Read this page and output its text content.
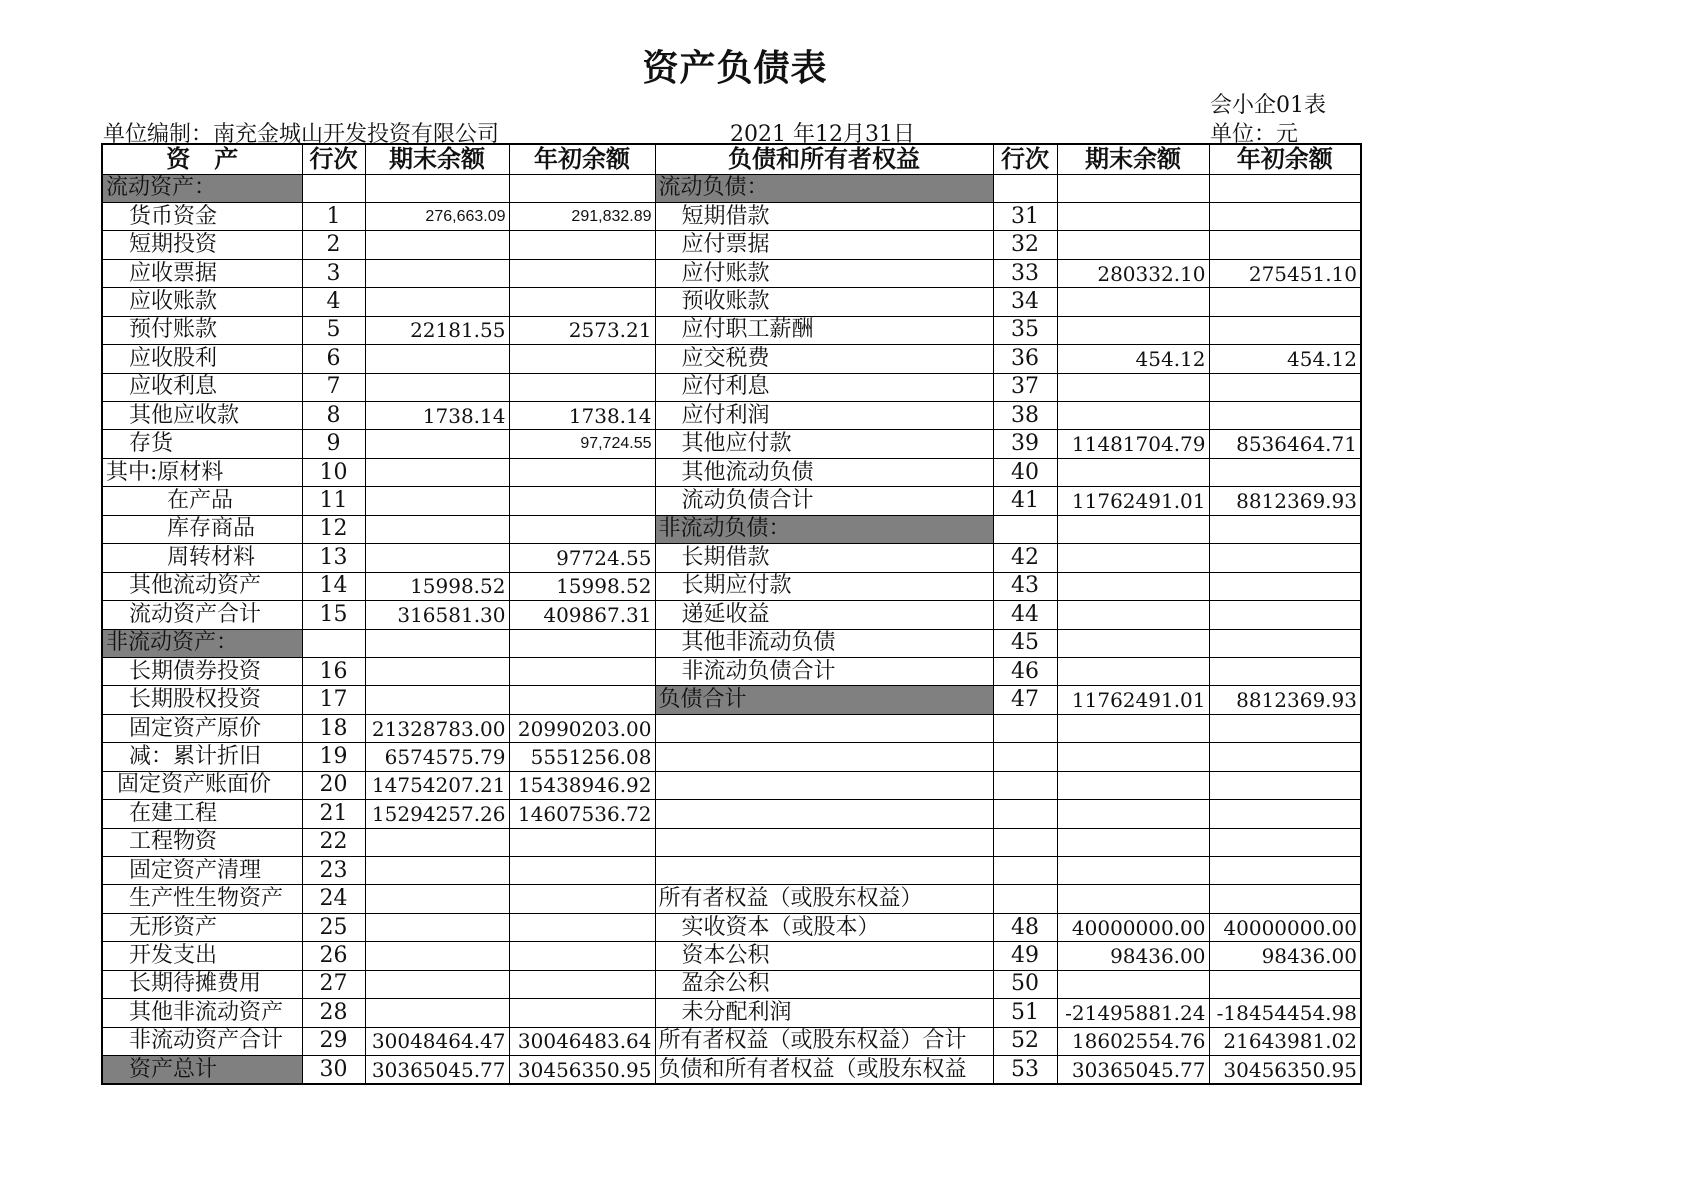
资产负债表
会小企01表
单位编制：南充金城山开发投资有限公司	2021 年12月31日	单位：元
资　产	行次	期末余额	年初余额	负债和所有者权益	行次	期末余额	年初余额
流动资产：				流动负债：			
货币资金	1	276,663.09	291,832.89	短期借款	31		
短期投资	2			应付票据	32		
应收票据	3			应付账款	33	280332.10	275451.10
应收账款	4			预收账款	34		
预付账款	5	22181.55	2573.21	应付职工薪酬	35		
应收股利	6			应交税费	36	454.12	454.12
应收利息	7			应付利息	37		
其他应收款	8	1738.14	1738.14	应付利润	38		
存货	9		97,724.55	其他应付款	39	11481704.79	8536464.71
其中:原材料	10			其他流动负债	40		
在产品	11			流动负债合计	41	11762491.01	8812369.93
库存商品	12			非流动负债：			
周转材料	13		97724.55	长期借款	42		
其他流动资产	14	15998.52	15998.52	长期应付款	43		
流动资产合计	15	316581.30	409867.31	递延收益	44		
非流动资产：				其他非流动负债	45		
长期债券投资	16			非流动负债合计	46		
长期股权投资	17			负债合计	47	11762491.01	8812369.93
固定资产原价	18	21328783.00	20990203.00				
减：累计折旧	19	6574575.79	5551256.08				
固定资产账面价	20	14754207.21	15438946.92				
在建工程	21	15294257.26	14607536.72				
工程物资	22						
固定资产清理	23						
生产性生物资产	24			所有者权益（或股东权益）			
无形资产	25			实收资本（或股本）	48	40000000.00	40000000.00
开发支出	26			资本公积	49	98436.00	98436.00
长期待摊费用	27			盈余公积	50		
其他非流动资产	28			未分配利润	51	-21495881.24	-18454454.98
非流动资产合计	29	30048464.47	30046483.64	所有者权益（或股东权益）合计	52	18602554.76	21643981.02
资产总计	30	30365045.77	30456350.95	负债和所有者权益（或股东权益	53	30365045.77	30456350.95
